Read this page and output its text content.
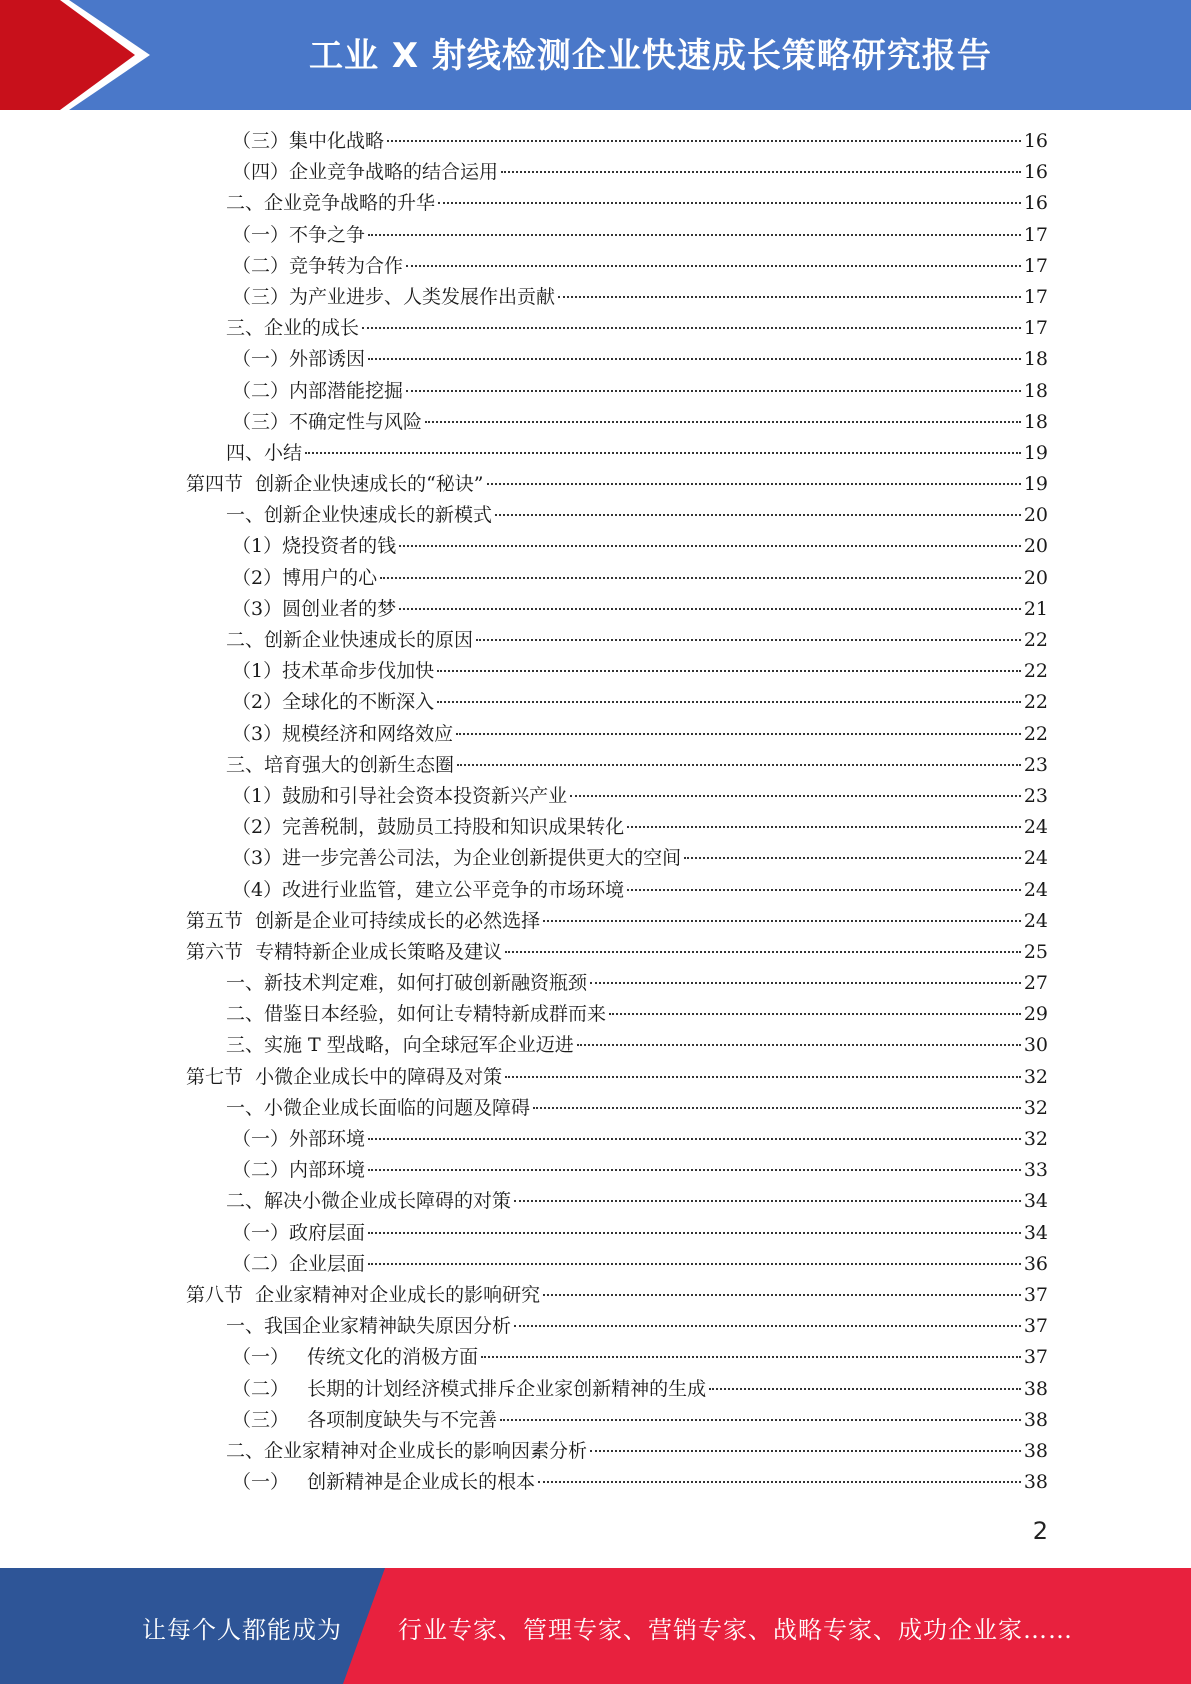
工业 X 射线检测企业快速成长策略研究报告
（三）集中化战略	16
（四）企业竞争战略的结合运用	16
二、企业竞争战略的升华	16
（一）不争之争	17
（二）竞争转为合作	17
（三）为产业进步、人类发展作出贡献	17
三、企业的成长	17
（一）外部诱因	18
（二）内部潜能挖掘	18
（三）不确定性与风险	18
四、小结	19
第四节  创新企业快速成长的“秘诀”	19
一、创新企业快速成长的新模式	20
（1）烧投资者的钱	20
（2）博用户的心	20
（3）圆创业者的梦	21
二、创新企业快速成长的原因	22
（1）技术革命步伐加快	22
（2）全球化的不断深入	22
（3）规模经济和网络效应	22
三、培育强大的创新生态圈	23
（1）鼓励和引导社会资本投资新兴产业	23
（2）完善税制，鼓励员工持股和知识成果转化	24
（3）进一步完善公司法，为企业创新提供更大的空间	24
（4）改进行业监管，建立公平竞争的市场环境	24
第五节  创新是企业可持续成长的必然选择	24
第六节  专精特新企业成长策略及建议	25
一、新技术判定难，如何打破创新融资瓶颈	27
二、借鉴日本经验，如何让专精特新成群而来	29
三、实施 T 型战略，向全球冠军企业迈进	30
第七节  小微企业成长中的障碍及对策	32
一、小微企业成长面临的问题及障碍	32
（一）外部环境	32
（二）内部环境	33
二、解决小微企业成长障碍的对策	34
（一）政府层面	34
（二）企业层面	36
第八节  企业家精神对企业成长的影响研究	37
一、我国企业家精神缺失原因分析	37
（一）   传统文化的消极方面	37
（二）   长期的计划经济模式排斥企业家创新精神的生成	38
（三）   各项制度缺失与不完善	38
二、企业家精神对企业成长的影响因素分析	38
（一）   创新精神是企业成长的根本	38
2
让每个人都能成为 行业专家、管理专家、营销专家、战略专家、成功企业家……
